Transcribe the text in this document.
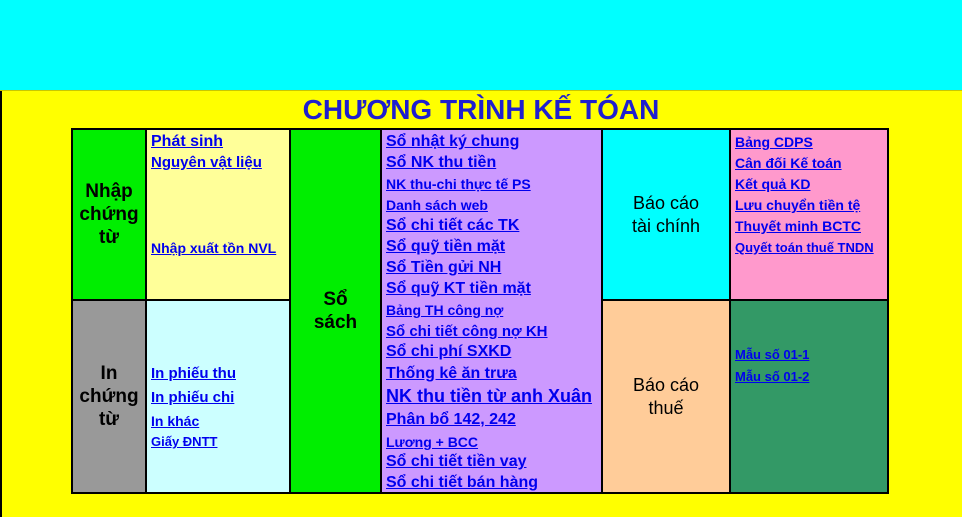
CHƯƠNG TRÌNH KẾ TÓAN
Nhập
chứng
từ
Phát sinh
Nguyên vật liệu
Nhập xuất tồn NVL
In
chứng
từ
In phiếu thu
In phiếu chi
In khác
Giấy ĐNTT
Sổ
sách
Sổ nhật ký chung
Sổ NK thu tiền
NK thu-chi thực tế PS
Danh sách web
Sổ chi tiết các TK
Sổ quỹ tiền mặt
Sổ Tiền gửi NH
Sổ quỹ KT tiền mặt
Bảng TH công nợ
Sổ chi tiết công nợ KH
Sổ chi phí SXKD
Thống kê ăn trưa
NK thu tiền từ anh Xuân
Phân bổ 142, 242
Lương + BCC
Sổ chi tiết tiền vay
Sổ chi tiết bán hàng
Báo cáo
tài chính
Bảng CDPS
Cân đối Kế toán
Kết quả KD
Lưu chuyển tiền tệ
Thuyết minh BCTC
Quyết toán thuế TNDN
Báo cáo
thuế
Mẫu số 01-1
Mẫu số 01-2
